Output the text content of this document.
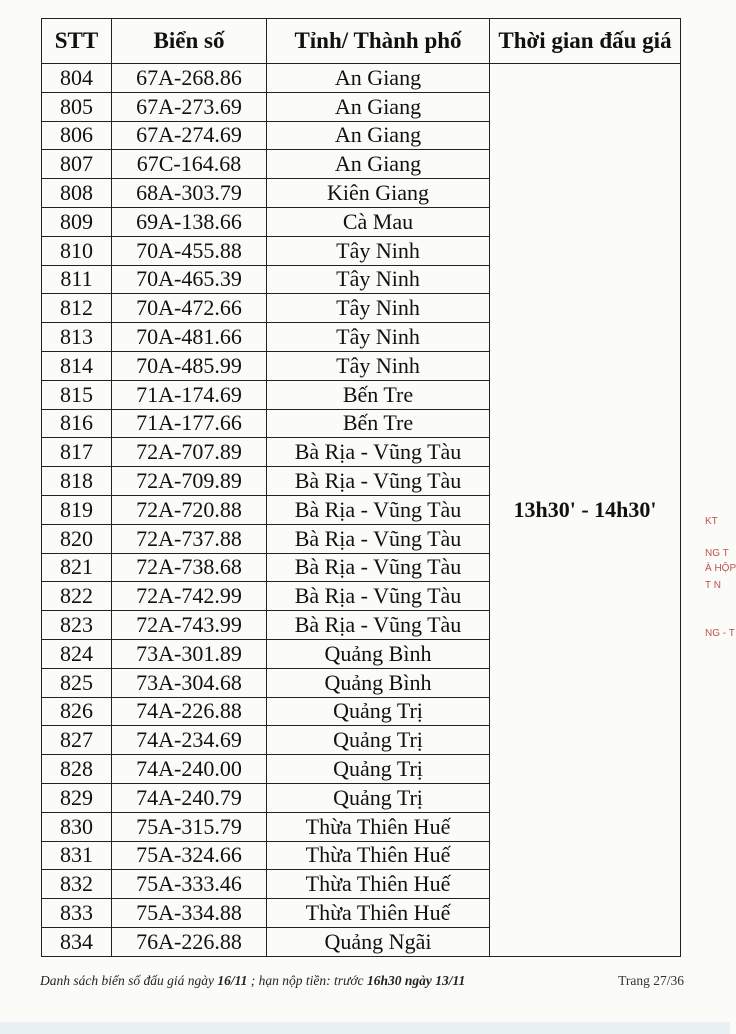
STT	Biển số	Tỉnh/ Thành phố	Thời gian đấu giá
804	67A-268.86	An Giang	13h30' - 14h30'
805	67A-273.69	An Giang	
806	67A-274.69	An Giang	
807	67C-164.68	An Giang	
808	68A-303.79	Kiên Giang	
809	69A-138.66	Cà Mau	
810	70A-455.88	Tây Ninh	
811	70A-465.39	Tây Ninh	
812	70A-472.66	Tây Ninh	
813	70A-481.66	Tây Ninh	
814	70A-485.99	Tây Ninh	
815	71A-174.69	Bến Tre	
816	71A-177.66	Bến Tre	
817	72A-707.89	Bà Rịa - Vũng Tàu	
818	72A-709.89	Bà Rịa - Vũng Tàu	
819	72A-720.88	Bà Rịa - Vũng Tàu	
820	72A-737.88	Bà Rịa - Vũng Tàu	
821	72A-738.68	Bà Rịa - Vũng Tàu	
822	72A-742.99	Bà Rịa - Vũng Tàu	
823	72A-743.99	Bà Rịa - Vũng Tàu	
824	73A-301.89	Quảng Bình	
825	73A-304.68	Quảng Bình	
826	74A-226.88	Quảng Trị	
827	74A-234.69	Quảng Trị	
828	74A-240.00	Quảng Trị	
829	74A-240.79	Quảng Trị	
830	75A-315.79	Thừa Thiên Huế	
831	75A-324.66	Thừa Thiên Huế	
832	75A-333.46	Thừa Thiên Huế	
833	75A-334.88	Thừa Thiên Huế	
834	76A-226.88	Quảng Ngãi	
Danh sách biển số đấu giá ngày 16/11 ; hạn nộp tiền: trước 16h30 ngày 13/11	Trang 27/36
KT
NG T
À HỘP
T N
NG - T
